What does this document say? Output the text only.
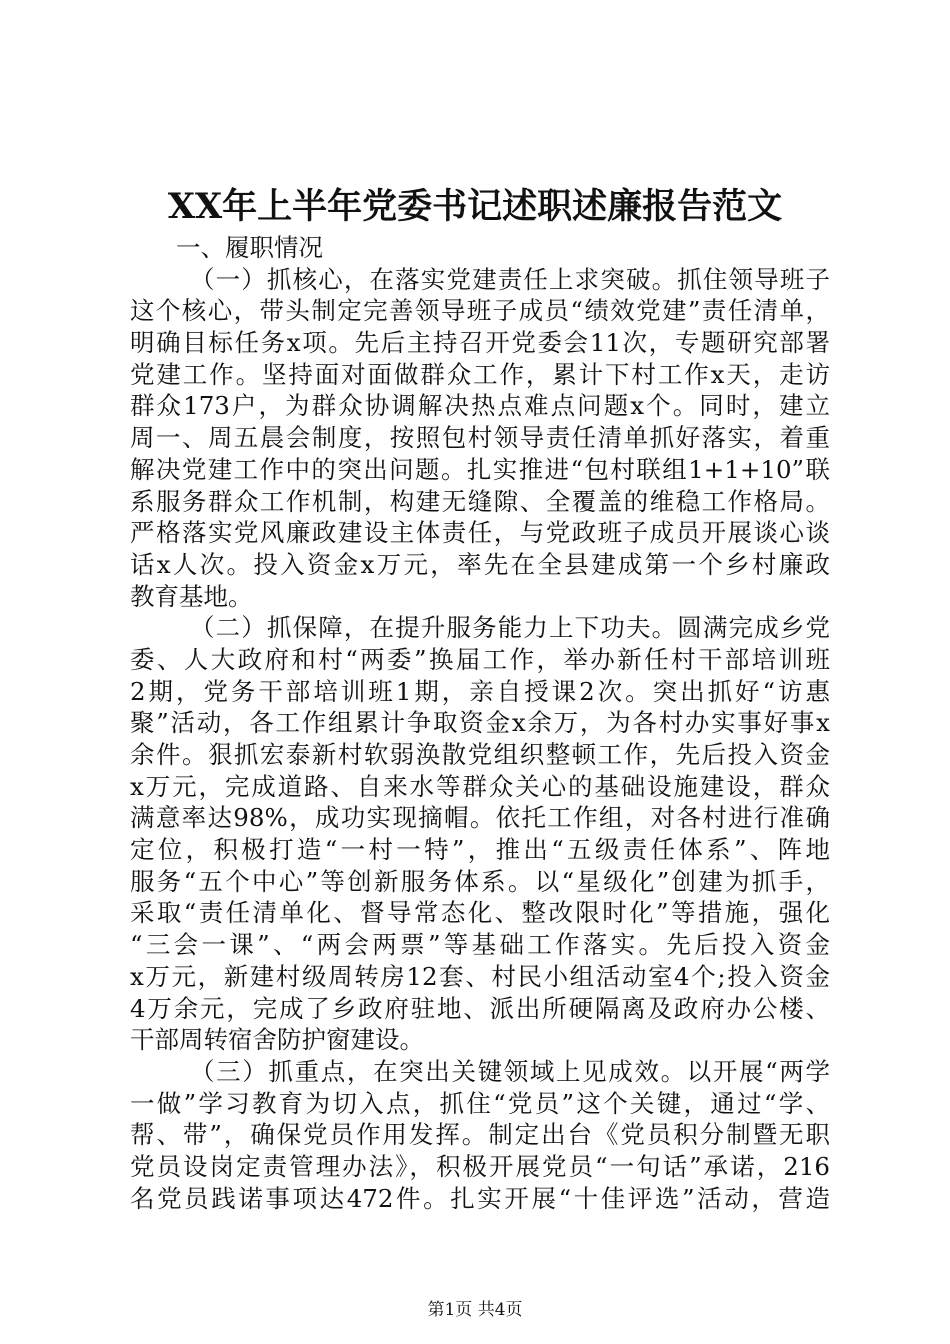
XX年上半年党委书记述职述廉报告范文
一、履职情况
（一）抓核心，在落实党建责任上求突破。抓住领导班子
这个核心，带头制定完善领导班子成员“绩效党建”责任清单，
明确目标任务x项。先后主持召开党委会11次，专题研究部署
党建工作。坚持面对面做群众工作，累计下村工作x天，走访
群众173户，为群众协调解决热点难点问题x个。同时，建立
周一、周五晨会制度，按照包村领导责任清单抓好落实，着重
解决党建工作中的突出问题。扎实推进“包村联组1+1+10”联
系服务群众工作机制，构建无缝隙、全覆盖的维稳工作格局。
严格落实党风廉政建设主体责任，与党政班子成员开展谈心谈
话x人次。投入资金x万元，率先在全县建成第一个乡村廉政
教育基地。
（二）抓保障，在提升服务能力上下功夫。圆满完成乡党
委、人大政府和村“两委”换届工作，举办新任村干部培训班
2期，党务干部培训班1期，亲自授课2次。突出抓好“访惠
聚”活动，各工作组累计争取资金x余万，为各村办实事好事x
余件。狠抓宏泰新村软弱涣散党组织整顿工作，先后投入资金
x万元，完成道路、自来水等群众关心的基础设施建设，群众
满意率达98%，成功实现摘帽。依托工作组，对各村进行准确
定位，积极打造“一村一特”，推出“五级责任体系”、阵地
服务“五个中心”等创新服务体系。以“星级化”创建为抓手，
采取“责任清单化、督导常态化、整改限时化”等措施，强化
“三会一课”、“两会两票”等基础工作落实。先后投入资金
x万元，新建村级周转房12套、村民小组活动室4个;投入资金
4万余元，完成了乡政府驻地、派出所硬隔离及政府办公楼、
干部周转宿舍防护窗建设。
（三）抓重点，在突出关键领域上见成效。以开展“两学
一做”学习教育为切入点，抓住“党员”这个关键，通过“学、
帮、带”，确保党员作用发挥。制定出台《党员积分制暨无职
党员设岗定责管理办法》，积极开展党员“一句话”承诺，216
名党员践诺事项达472件。扎实开展“十佳评选”活动，营造
第1页 共4页
